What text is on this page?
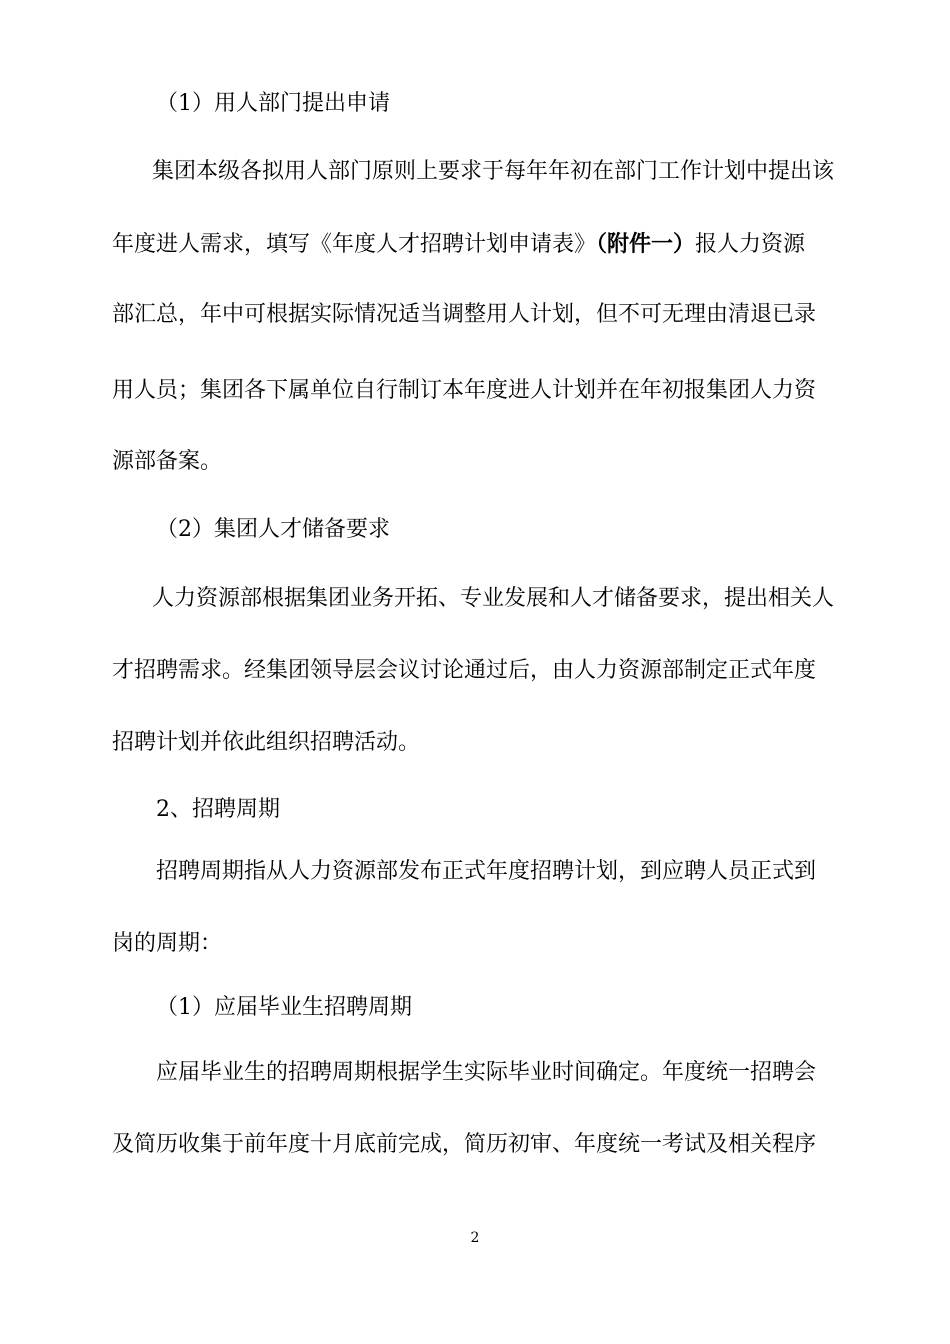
（1）用人部门提出申请
集团本级各拟用人部门原则上要求于每年年初在部门工作计划中提出该
年度进人需求，填写《年度人才招聘计划申请表》（附件一）报人力资源
部汇总，年中可根据实际情况适当调整用人计划，但不可无理由清退已录
用人员；集团各下属单位自行制订本年度进人计划并在年初报集团人力资
源部备案。
（2）集团人才储备要求
人力资源部根据集团业务开拓、专业发展和人才储备要求，提出相关人
才招聘需求。经集团领导层会议讨论通过后，由人力资源部制定正式年度
招聘计划并依此组织招聘活动。
2、招聘周期
招聘周期指从人力资源部发布正式年度招聘计划，到应聘人员正式到
岗的周期：
（1）应届毕业生招聘周期
应届毕业生的招聘周期根据学生实际毕业时间确定。年度统一招聘会
及简历收集于前年度十月底前完成，简历初审、年度统一考试及相关程序
2
